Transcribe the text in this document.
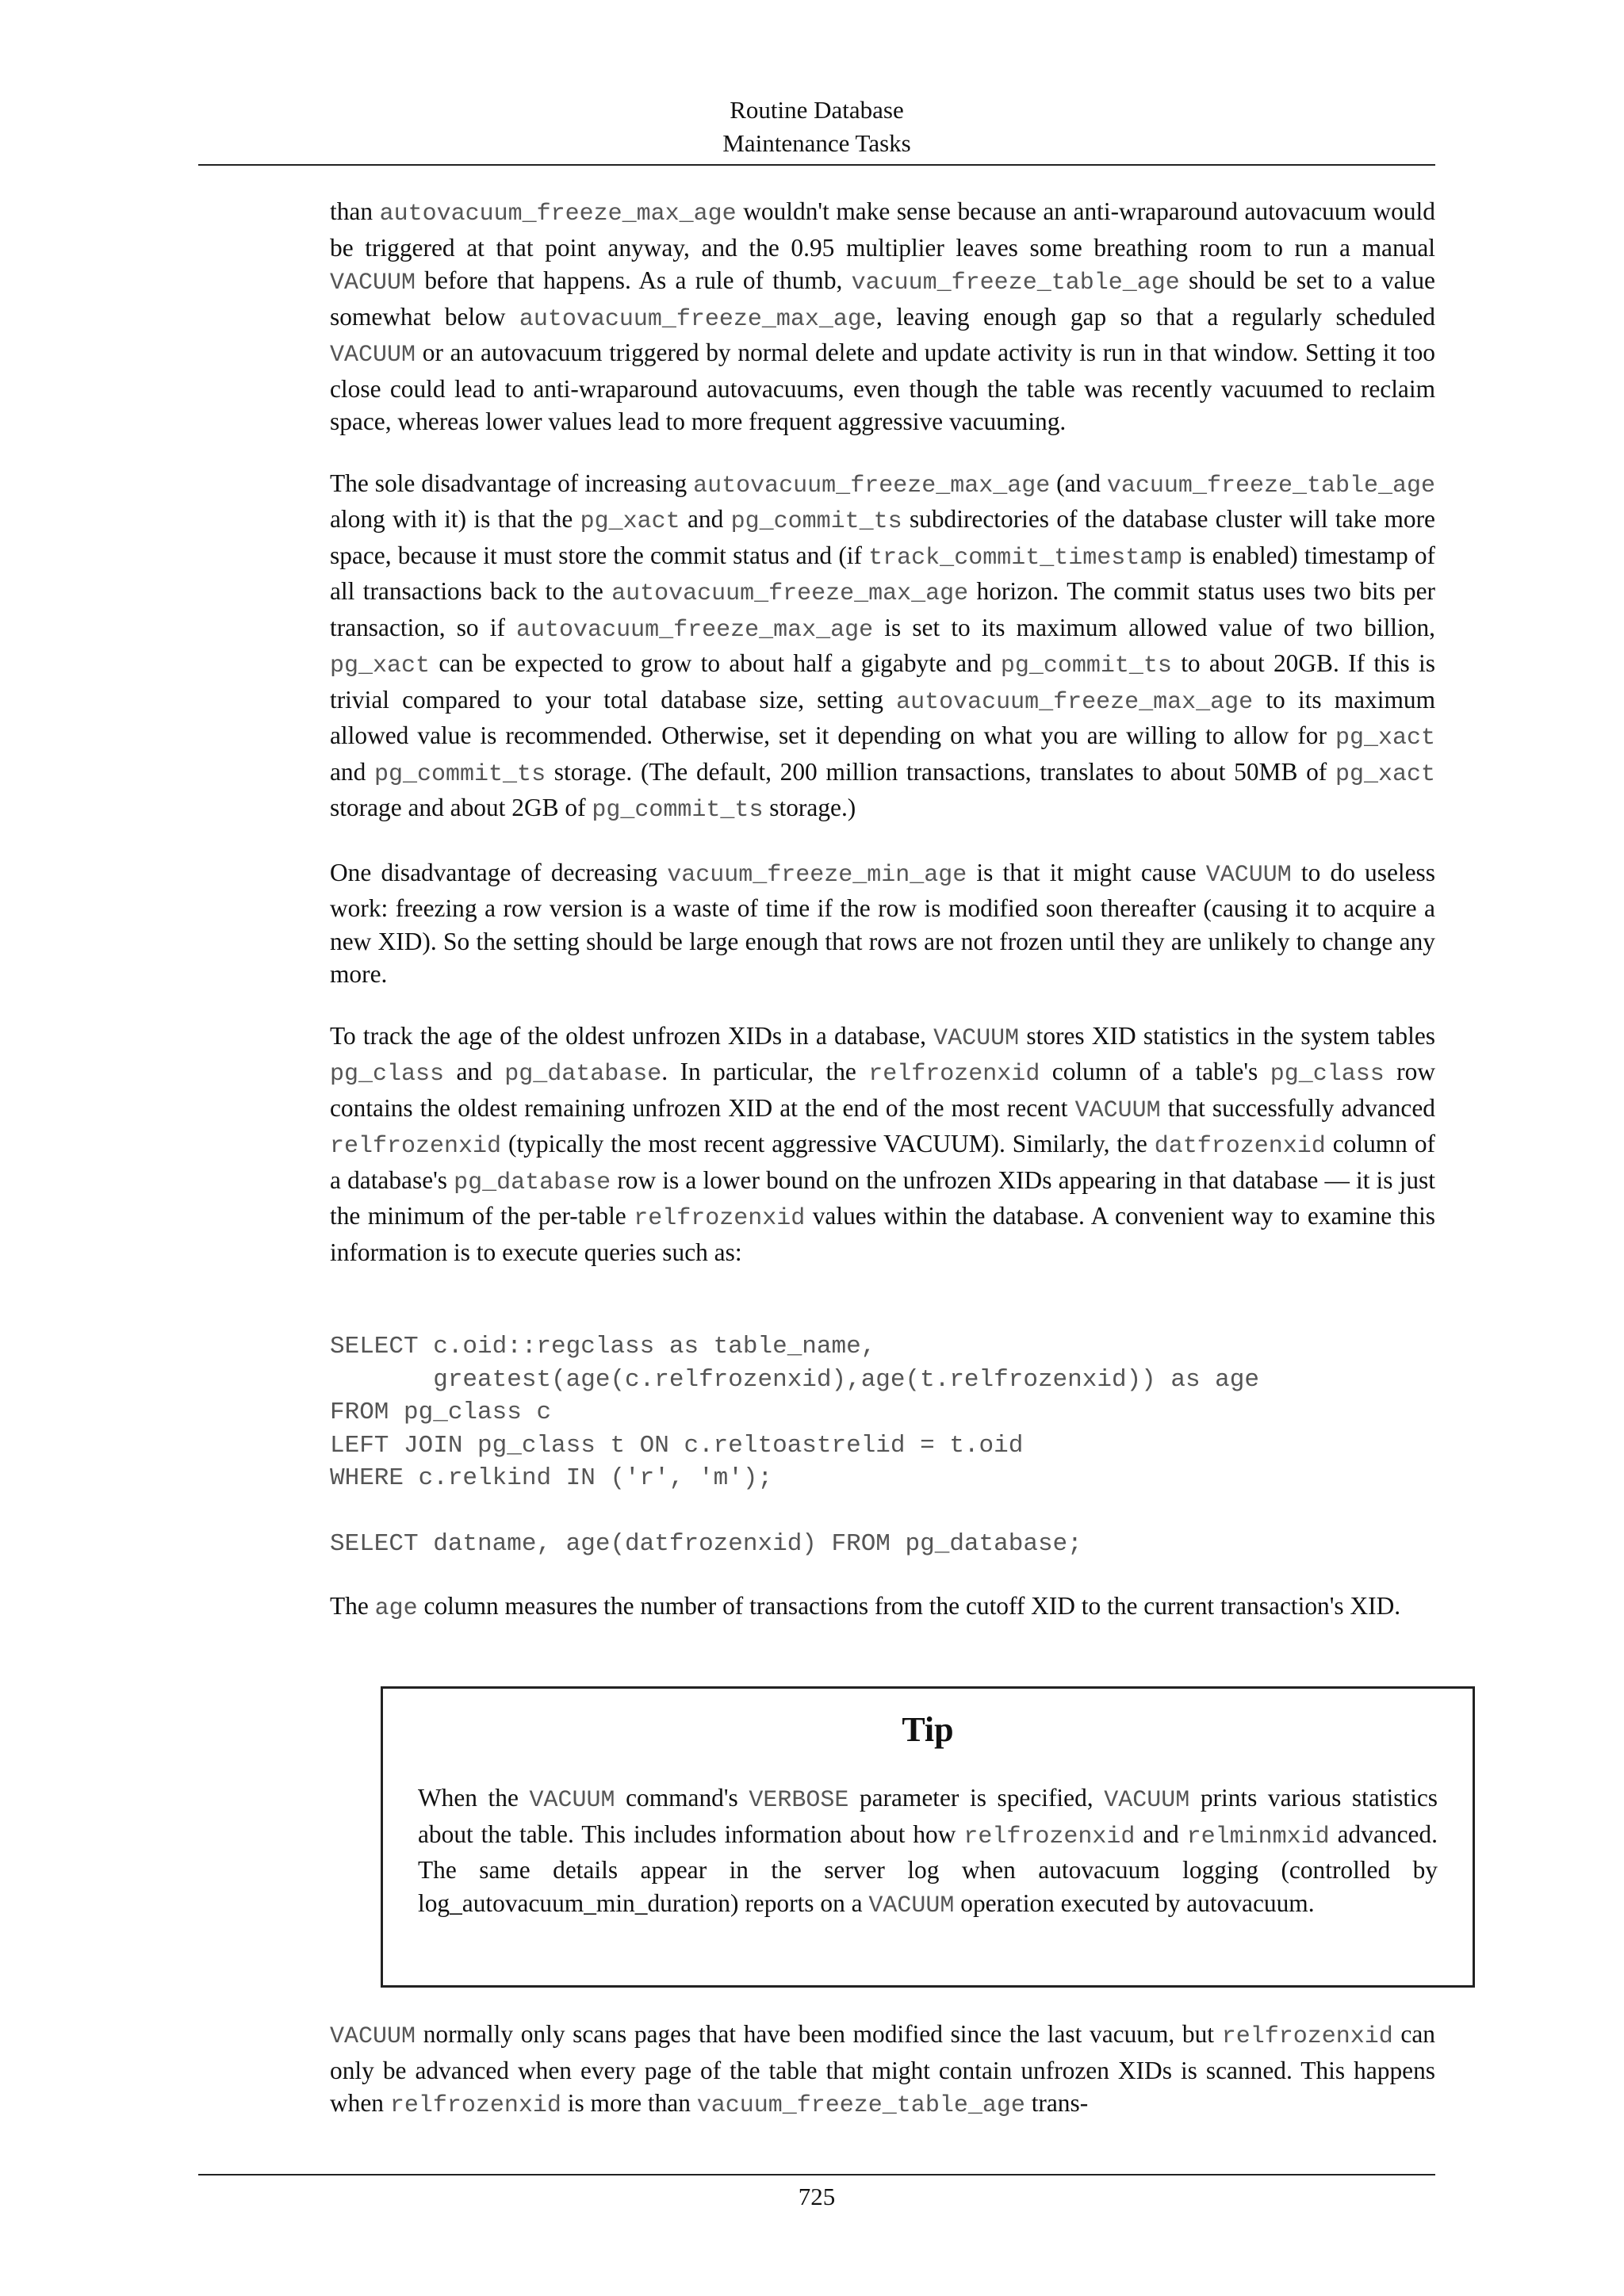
Routine Database
Maintenance Tasks

than autovacuum_freeze_max_age wouldn't make sense because an anti-wraparound autovacuum would be triggered at that point anyway, and the 0.95 multiplier leaves some breathing room to run a manual VACUUM before that happens. As a rule of thumb, vacuum_freeze_table_age should be set to a value somewhat below autovacuum_freeze_max_age, leaving enough gap so that a regularly scheduled VACUUM or an autovacuum triggered by normal delete and update activity is run in that window. Setting it too close could lead to anti-wraparound autovacuums, even though the table was recently vacuumed to reclaim space, whereas lower values lead to more frequent aggressive vacuuming.

The sole disadvantage of increasing autovacuum_freeze_max_age (and vacuum_freeze_table_age along with it) is that the pg_xact and pg_commit_ts subdirectories of the database cluster will take more space, because it must store the commit status and (if track_commit_timestamp is enabled) timestamp of all transactions back to the autovacuum_freeze_max_age horizon. The commit status uses two bits per transaction, so if autovacuum_freeze_max_age is set to its maximum allowed value of two billion, pg_xact can be expected to grow to about half a gigabyte and pg_commit_ts to about 20GB. If this is trivial compared to your total database size, setting autovacuum_freeze_max_age to its maximum allowed value is recommended. Otherwise, set it depending on what you are willing to allow for pg_xact and pg_commit_ts storage. (The default, 200 million transactions, translates to about 50MB of pg_xact storage and about 2GB of pg_commit_ts storage.)

One disadvantage of decreasing vacuum_freeze_min_age is that it might cause VACUUM to do useless work: freezing a row version is a waste of time if the row is modified soon thereafter (causing it to acquire a new XID). So the setting should be large enough that rows are not frozen until they are unlikely to change any more.

To track the age of the oldest unfrozen XIDs in a database, VACUUM stores XID statistics in the system tables pg_class and pg_database. In particular, the relfrozenxid column of a table's pg_class row contains the oldest remaining unfrozen XID at the end of the most recent VACUUM that successfully advanced relfrozenxid (typically the most recent aggressive VACUUM). Similarly, the datfrozenxid column of a database's pg_database row is a lower bound on the unfrozen XIDs appearing in that database — it is just the minimum of the per-table relfrozenxid values within the database. A convenient way to examine this information is to execute queries such as:

SELECT c.oid::regclass as table_name,
greatest(age(c.relfrozenxid),age(t.relfrozenxid)) as age
FROM pg_class c
LEFT JOIN pg_class t ON c.reltoastrelid = t.oid
WHERE c.relkind IN ('r', 'm');

SELECT datname, age(datfrozenxid) FROM pg_database;

The age column measures the number of transactions from the cutoff XID to the current transaction's XID.

Tip
When the VACUUM command's VERBOSE parameter is specified, VACUUM prints various statistics about the table. This includes information about how relfrozenxid and relminmxid advanced. The same details appear in the server log when autovacuum logging (controlled by log_autovacuum_min_duration) reports on a VACUUM operation executed by autovacuum.

VACUUM normally only scans pages that have been modified since the last vacuum, but relfrozenxid can only be advanced when every page of the table that might contain unfrozen XIDs is scanned. This happens when relfrozenxid is more than vacuum_freeze_table_age trans-

725
